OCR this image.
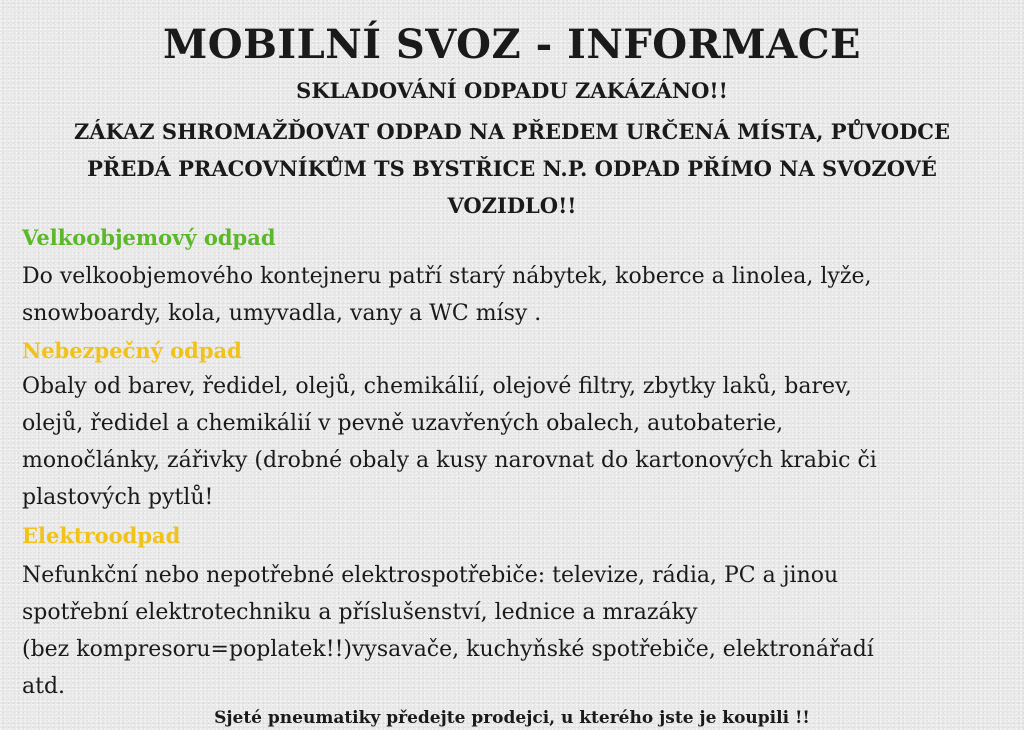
MOBILNÍ SVOZ - INFORMACE

SKLADOVÁNÍ ODPADU ZAKÁZÁNO!!

ZÁKAZ SHROMAŽĎOVAT ODPAD NA PŘEDEM URČENÁ MÍSTA, PŮVODCE PŘEDÁ PRACOVNÍKŮM TS BYSTŘICE N.P. ODPAD PŘÍMO NA SVOZOVÉ VOZIDLO!!

Velkoobjemový odpad

Do velkoobjemového kontejneru patří starý nábytek, koberce a linolea, lyže,
snowboardy, kola, umyvadla, vany a WC mísy .

Nebezpečný odpad

Obaly od barev, ředidel, olejů, chemikálií, olejové filtry, zbytky laků, barev,
olejů, ředidel a chemikálií v pevně uzavřených obalech, autobaterie,
monočlánky, zářivky (drobné obaly a kusy narovnat do kartonových krabic či
plastových pytlů!

Elektroodpad

Nefunkční nebo nepotřebné elektrospotřebiče: televize, rádia, PC a jinou
spotřební elektrotechniku a příslušenství, lednice a mrazáky
(bez kompresoru=poplatek!!)vysavače, kuchyňské spotřebiče, elektronářadí
atd.

Sjeté pneumatiky předejte prodejci, u kterého jste je koupili !!
